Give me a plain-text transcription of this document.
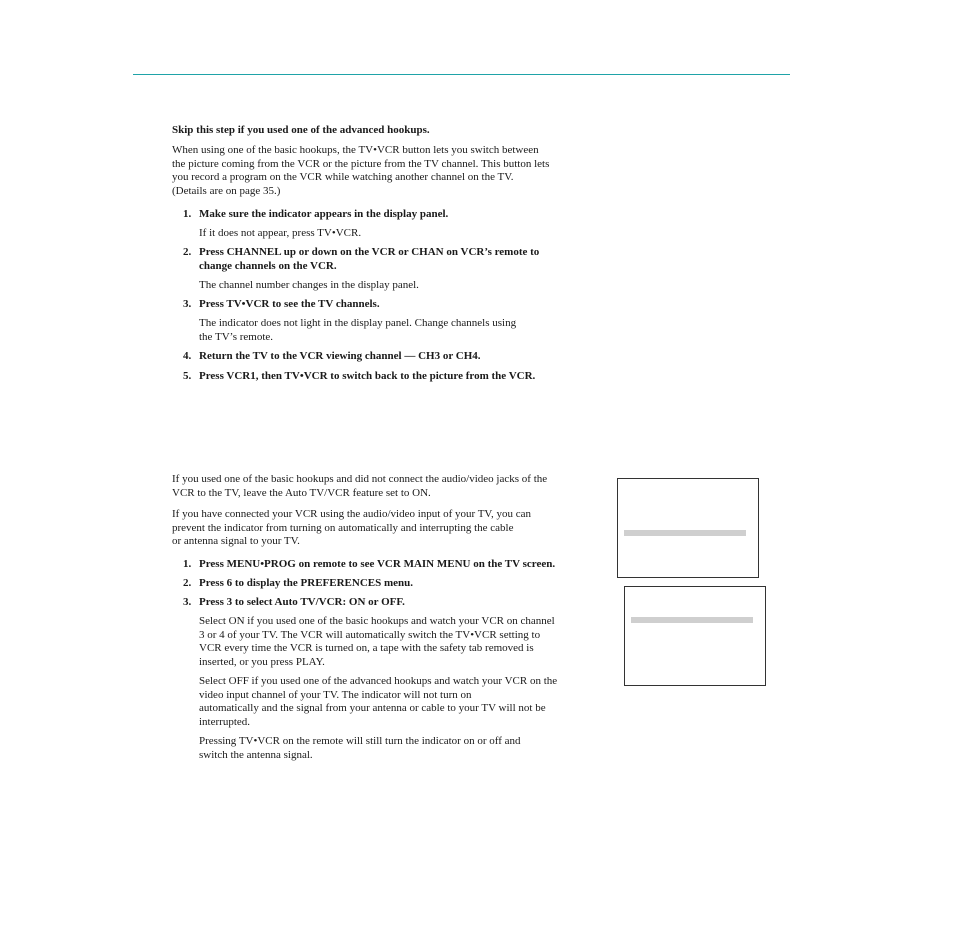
Skip this step if you used one of the advanced hookups.

When using one of the basic hookups, the TV•VCR button lets you switch between

the picture coming from the VCR or the picture from the TV channel. This button lets

you record a program on the VCR while watching another channel on the TV.

(Details are on page 35.)

1. Make sure the indicator appears in the display panel.

If it does not appear, press TV•VCR.

2. Press CHANNEL up or down on the VCR or CHAN on VCR’s remote to
change channels on the VCR.

The channel number changes in the display panel.

3. Press TV•VCR to see the TV channels.

The indicator does not light in the display panel. Change channels using

the TV’s remote.

4. Return the TV to the VCR viewing channel — CH3 or CH4.
5. Press VCR1, then TV•VCR to switch back to the picture from the VCR.

If you used one of the basic hookups and did not connect the audio/video jacks of the

VCR to the TV, leave the Auto TV/VCR feature set to ON.

If you have connected your VCR using the audio/video input of your TV, you can

prevent the indicator from turning on automatically and interrupting the cable

or antenna signal to your TV.

1. Press MENU•PROG on remote to see VCR MAIN MENU on the TV screen.
2. Press 6 to display the PREFERENCES menu.
3. Press 3 to select Auto TV/VCR: ON or OFF.

Select ON if you used one of the basic hookups and watch your VCR on channel

3 or 4 of your TV. The VCR will automatically switch the TV•VCR setting to

VCR every time the VCR is turned on, a tape with the safety tab removed is

inserted, or you press PLAY.

Select OFF if you used one of the advanced hookups and watch your VCR on the

video input channel of your TV. The indicator will not turn on

automatically and the signal from your antenna or cable to your TV will not be

interrupted.

Pressing TV•VCR on the remote will still turn the indicator on or off and

switch the antenna signal.
